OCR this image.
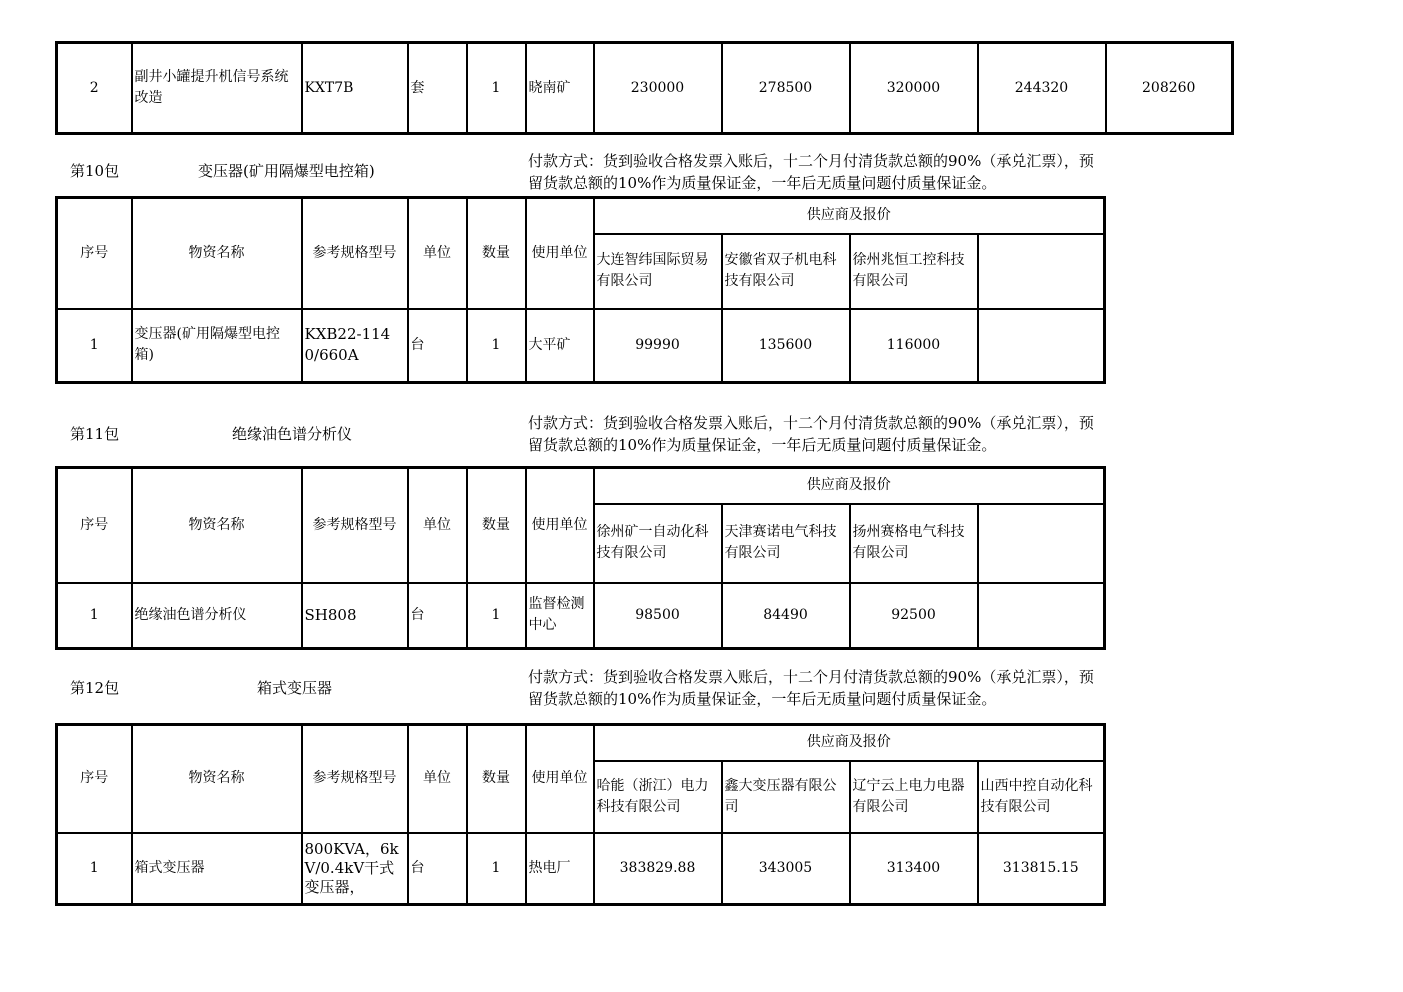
2	副井小罐提升机信号系统改造	KXT7B	套	1	晓南矿	230000	278500	320000	244320	208260
第10包	变压器(矿用隔爆型电控箱)
付款方式：货到验收合格发票入账后，十二个月付清货款总额的90%（承兑汇票），预留货款总额的10%作为质量保证金，一年后无质量问题付质量保证金。
序号	物资名称	参考规格型号	单位	数量	使用单位	供应商及报价			
						大连智纬国际贸易有限公司	安徽省双子机电科技有限公司	徐州兆恒工控科技有限公司	
1	变压器(矿用隔爆型电控箱)	KXB22-1140/660A	台	1	大平矿	99990	135600	116000	
第11包	绝缘油色谱分析仪
付款方式：货到验收合格发票入账后，十二个月付清货款总额的90%（承兑汇票），预留货款总额的10%作为质量保证金，一年后无质量问题付质量保证金。
序号	物资名称	参考规格型号	单位	数量	使用单位	供应商及报价			
						徐州矿一自动化科技有限公司	天津赛诺电气科技有限公司	扬州赛格电气科技有限公司	
1	绝缘油色谱分析仪	SH808	台	1	监督检测中心	98500	84490	92500	
第12包	箱式变压器
付款方式：货到验收合格发票入账后，十二个月付清货款总额的90%（承兑汇票），预留货款总额的10%作为质量保证金，一年后无质量问题付质量保证金。
序号	物资名称	参考规格型号	单位	数量	使用单位	供应商及报价			
						哈能（浙江）电力科技有限公司	鑫大变压器有限公司	辽宁云上电力电器有限公司	山西中控自动化科技有限公司
1	箱式变压器	800KVA，6kV/0.4kV干式变压器，	台	1	热电厂	383829.88	343005	313400	313815.15
